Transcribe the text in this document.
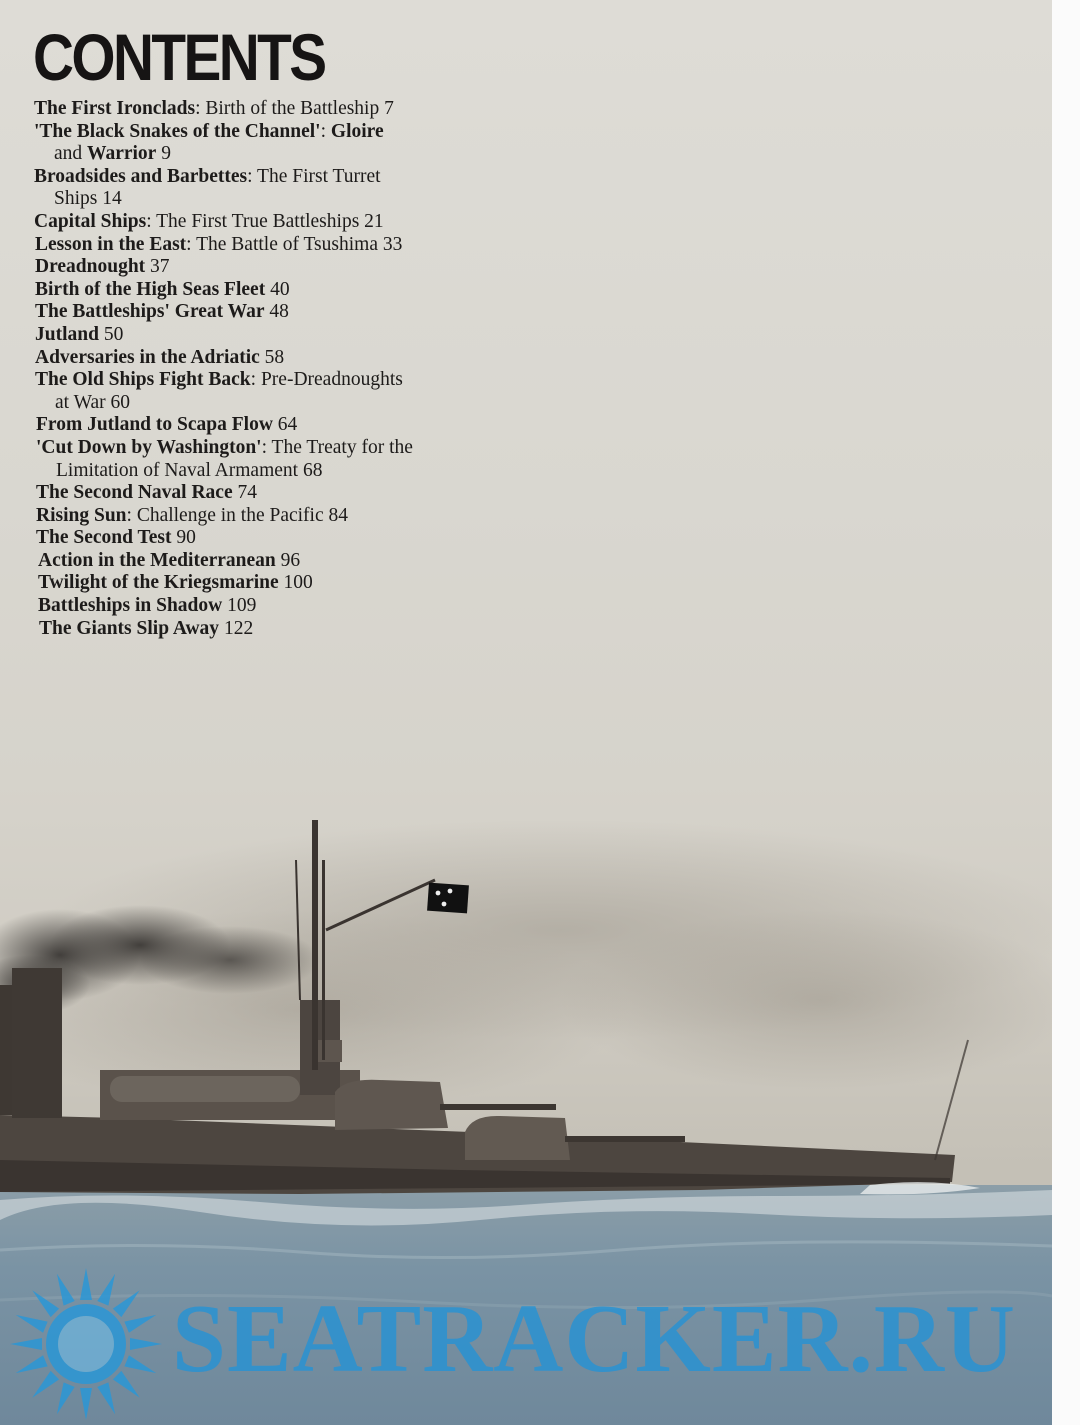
CONTENTS
The First Ironclads: Birth of the Battleship 7
'The Black Snakes of the Channel': Gloire
and Warrior 9
Broadsides and Barbettes: The First Turret
Ships 14
Capital Ships: The First True Battleships 21
Lesson in the East: The Battle of Tsushima 33
Dreadnought 37
Birth of the High Seas Fleet 40
The Battleships' Great War 48
Jutland 50
Adversaries in the Adriatic 58
The Old Ships Fight Back: Pre-Dreadnoughts
at War 60
From Jutland to Scapa Flow 64
'Cut Down by Washington': The Treaty for the
Limitation of Naval Armament 68
The Second Naval Race 74
Rising Sun: Challenge in the Pacific 84
The Second Test 90
Action in the Mediterranean 96
Twilight of the Kriegsmarine 100
Battleships in Shadow 109
The Giants Slip Away 122
SEATRACKER.RU
